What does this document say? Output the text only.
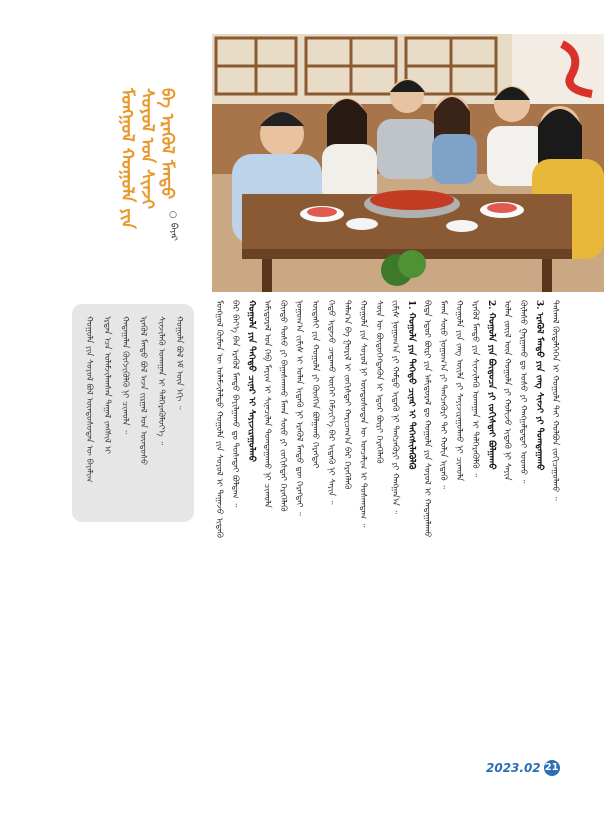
ᠮᠣᠩᠭᠣᠯ ᠬᠣᠭᠣᠯᠠ ᠶᠢᠨ ᠰᠣᠶᠣᠯ ᠤᠨ ᠰᠢᠨᠵᠢ ᠪᠠ ᠡᠷᠡᠭᠦᠯ ᠮᠡᠨᠳᠦ
○ ᠪᠠᠶᠠᠷ
ᠬᠣᠭᠣᠯᠠ ᠶᠢᠨ ᠰᠣᠶᠣᠯ ᠪᠣᠯ ᠦᠨᠳᠦᠰᠦᠲᠡᠨ ᠦ ᠪᠠᠶᠠᠯᠢᠭ ᠡᠷᠲᠡᠨ ᠡᠴᠡ ᠤᠯᠠᠮᠵᠢᠯᠠᠭᠰᠠᠨ ᠳᠠᠭᠠᠯ ᠵᠠᠩᠰᠢᠯ ᠢ ᠬᠠᠳᠠᠭᠠᠯᠠᠨ ᠬᠥᠭᠵᠢᠭᠦᠯᠬᠦ ᠨᠢ ᠴᠢᠬᠤᠯᠠ ᠃ ᠡᠷᠡᠭᠦᠯ ᠮᠡᠨᠳᠦ ᠪᠣᠯ ᠠᠵᠠ ᠵᠢᠷᠭᠠᠯ ᠤᠨ ᠦᠨᠳᠦᠰᠦ ᠰᠢᠨᠵᠢᠯᠡᠬᠦ ᠤᠬᠠᠭᠠᠨ ᠢ ᠳᠡᠯᠭᠡᠷᠡᠭᠦᠯᠦᠶ᠎ᠡ ᠃ ᠬᠣᠭᠣᠯᠠ ᠪᠣᠯ ᠡᠮ ᠦᠨ ᠡᠬᠢ ᠃	ᠮᠣᠩᠭᠣᠯ ᠬᠦᠮᠦᠨ ᠦ ᠤᠯᠠᠮᠵᠢᠯᠠᠯᠲᠤ ᠬᠣᠭᠣᠯᠠ ᠶᠢᠨ ᠰᠣᠶᠣᠯ ᠢ ᠳᠠᠭᠠᠵᠤ ᠢᠳᠡᠬᠦ ᠪᠡᠷ ᠪᠡᠶ᠎ᠡ ᠪᠡᠨ ᠡᠷᠡᠭᠦᠯ ᠮᠡᠨᠳᠦ ᠪᠠᠶᠢᠯᠭᠠᠬᠤ ᠳᠤ ᠲᠤᠰᠠᠲᠠᠢ ᠪᠣᠯᠳᠠᠭ ᠃ ᠬᠣᠭᠣᠯᠠ ᠶᠢᠨ ᠳᠡᠭᠡᠳᠦ ᠴᠢᠨᠠᠷ ᠢ ᠰᠠᠶᠢᠵᠢᠷᠠᠭᠤᠯᠬᠤ ᠠᠮᠢᠳᠤᠷᠠᠯ ᠤᠨ ᠬᠡᠪ ᠮᠠᠶᠢᠭ ᠢ ᠰᠢᠨᠡᠴᠢᠯᠡᠨ ᠲᠣᠭᠲᠠᠭᠠᠬᠤ ᠨᠢ ᠴᠢᠬᠤᠯᠠ ᠬᠦᠨᠳᠦ ᠲᠤᠰᠤ ᠶᠢ ᠪᠠᠭᠠᠰᠭᠠᠬᠤ ᠮᠠᠬᠠ ᠰᠦᠦ ᠶᠢ ᠵᠣᠬᠢᠰᠲᠠᠢ ᠬᠡᠷᠡᠭᠡᠯᠡᠬᠦ ᠨᠣᠭᠣᠭ᠎ᠠ ᠵᠢᠮᠢᠰ ᠢ ᠣᠯᠠᠨ ᠢᠳᠡᠬᠦ ᠨᠢ ᠡᠷᠡᠭᠦᠯ ᠮᠡᠨᠳᠦ ᠳᠦ ᠬᠡᠷᠡᠭᠲᠡᠢ ᠃ ᠦᠳᠡᠰᠢ ᠶᠢᠨ ᠬᠣᠭᠣᠯᠠ ᠶᠢ ᠬᠥᠩᠭᠡᠨ ᠪᠣᠯᠭᠠᠬᠤ ᠬᠡᠷᠡᠭᠲᠡᠢ ᠬᠡᠲᠦ ᠢᠳᠡᠵᠦ ᠴᠠᠳᠠᠬᠤ ᠦᠭᠡᠢ ᠬᠡᠮᠵᠢᠶ᠎ᠡ ᠪᠠᠷ ᠢᠳᠡᠬᠦ ᠨᠢ ᠰᠠᠶᠢᠨ ᠃ ᠲᠠᠯᠬ᠎ᠠ ᠪᠠ ᠭᠤᠷᠢᠯ ᠢ ᠵᠣᠬᠢᠰᠲᠠᠢ ᠬᠠᠷᠢᠴᠠᠭ᠎ᠠ ᠪᠠᠷ ᠬᠡᠷᠡᠭᠡᠯᠡᠬᠦ ᠬᠣᠭᠣᠯᠠ ᠶᠢᠨ ᠰᠣᠶᠣᠯ ᠨᠢ ᠦᠨᠳᠦᠰᠦᠲᠡᠨ ᠦ ᠣᠨᠴᠠᠯᠢᠭ ᠢ ᠲᠤᠰᠬᠠᠳᠠᠭ ᠃ ᠰᠦᠨ ᠦ ᠪᠦᠲᠦᠭᠡᠭᠳᠡᠬᠦᠨ ᠢ ᠡᠳᠦᠷ ᠪᠦᠷᠢ ᠬᠡᠷᠡᠭᠡᠯᠡᠬᠦ ᠵᠢᠮᠢᠰ ᠨᠣᠭᠣᠭ᠎ᠠ ᠶᠢ ᠬᠠᠮᠲᠤ ᠢᠳᠡᠬᠦ ᠨᠢ ᠲᠡᠩᠴᠡᠭᠦᠷᠢ ᠶᠢ ᠬᠠᠩᠭᠠᠨ᠎ᠠ ᠃ 1. ᠬᠣᠭᠣᠯᠠ ᠶᠢᠨ ᠳᠡᠭᠡᠳᠦ ᠴᠢᠨᠠᠷ ᠢ ᠳᠡᠭᠡᠭᠰᠢᠯᠡᠭᠦᠯᠬᠦ ᠪᠢᠳᠡ ᠡᠳᠦᠷ ᠪᠦᠷᠢ ᠶᠢᠨ ᠠᠮᠢᠳᠤᠷᠠᠯ ᠳᠤ ᠬᠣᠭᠣᠯᠠ ᠶᠢᠨ ᠰᠣᠶᠣᠯ ᠢ ᠬᠠᠳᠠᠭᠠᠯᠠᠬᠤ ᠮᠠᠬᠠ ᠰᠦᠦ ᠨᠣᠭᠣᠭ᠎ᠠ ᠶᠢ ᠲᠡᠩᠴᠡᠭᠦᠷᠢ ᠲᠠᠢ ᠬᠣᠯᠢᠨ ᠢᠳᠡᠬᠦ ᠃ ᠬᠣᠭᠣᠯᠠ ᠶᠢᠨ ᠵᠠᠩ ᠦᠢᠯᠡ ᠶᠢ ᠰᠠᠶᠢᠵᠢᠷᠠᠭᠤᠯᠬᠤ ᠨᠢ ᠴᠢᠬᠤᠯᠠ ᠡᠷᠡᠭᠦᠯ ᠮᠡᠨᠳᠦ ᠶᠢᠨ ᠰᠢᠨᠵᠢᠯᠡᠬᠦ ᠤᠬᠠᠭᠠᠨ ᠢ ᠳᠡᠯᠭᠡᠷᠡᠭᠦᠯᠬᠦ ᠃ 2. ᠬᠣᠭᠣᠯᠠ ᠶᠢᠨ ᠪᠦᠲᠦᠴᠡ ᠶᠢ ᠵᠣᠬᠢᠰᠲᠠᠢ ᠪᠣᠯᠭᠠᠬᠤ ᠣᠯᠠᠨ ᠵᠦᠢᠯ ᠦᠨ ᠬᠣᠭᠣᠯᠠ ᠶᠢ ᠬᠣᠯᠢᠵᠤ ᠢᠳᠡᠬᠦ ᠨᠢ ᠰᠠᠶᠢᠨ ᠬᠥᠯᠡᠰᠦ ᠭᠠᠷᠭᠠᠬᠤ ᠳᠤ ᠤᠰᠤ ᠶᠢ ᠬᠠᠩᠭᠠᠯᠲᠠᠲᠠᠢ ᠤᠤᠬᠤ ᠃ 3. ᠡᠷᠡᠭᠦᠯ ᠮᠡᠨᠳᠦ ᠶᠢᠨ ᠵᠠᠩ ᠰᠢᠨᠵᠢ ᠶᠢ ᠲᠣᠭᠲᠠᠭᠠᠬᠤ ᠳᠠᠰᠬᠠᠯ ᠬᠥᠳᠡᠯᠭᠡᠭᠡᠨ ᠢ ᠬᠣᠭᠣᠯᠠ ᠲᠠᠢ ᠬᠣᠯᠪᠣᠨ ᠵᠣᠬᠢᠴᠠᠭᠤᠯᠬᠤ ᠃
2023.02 21
